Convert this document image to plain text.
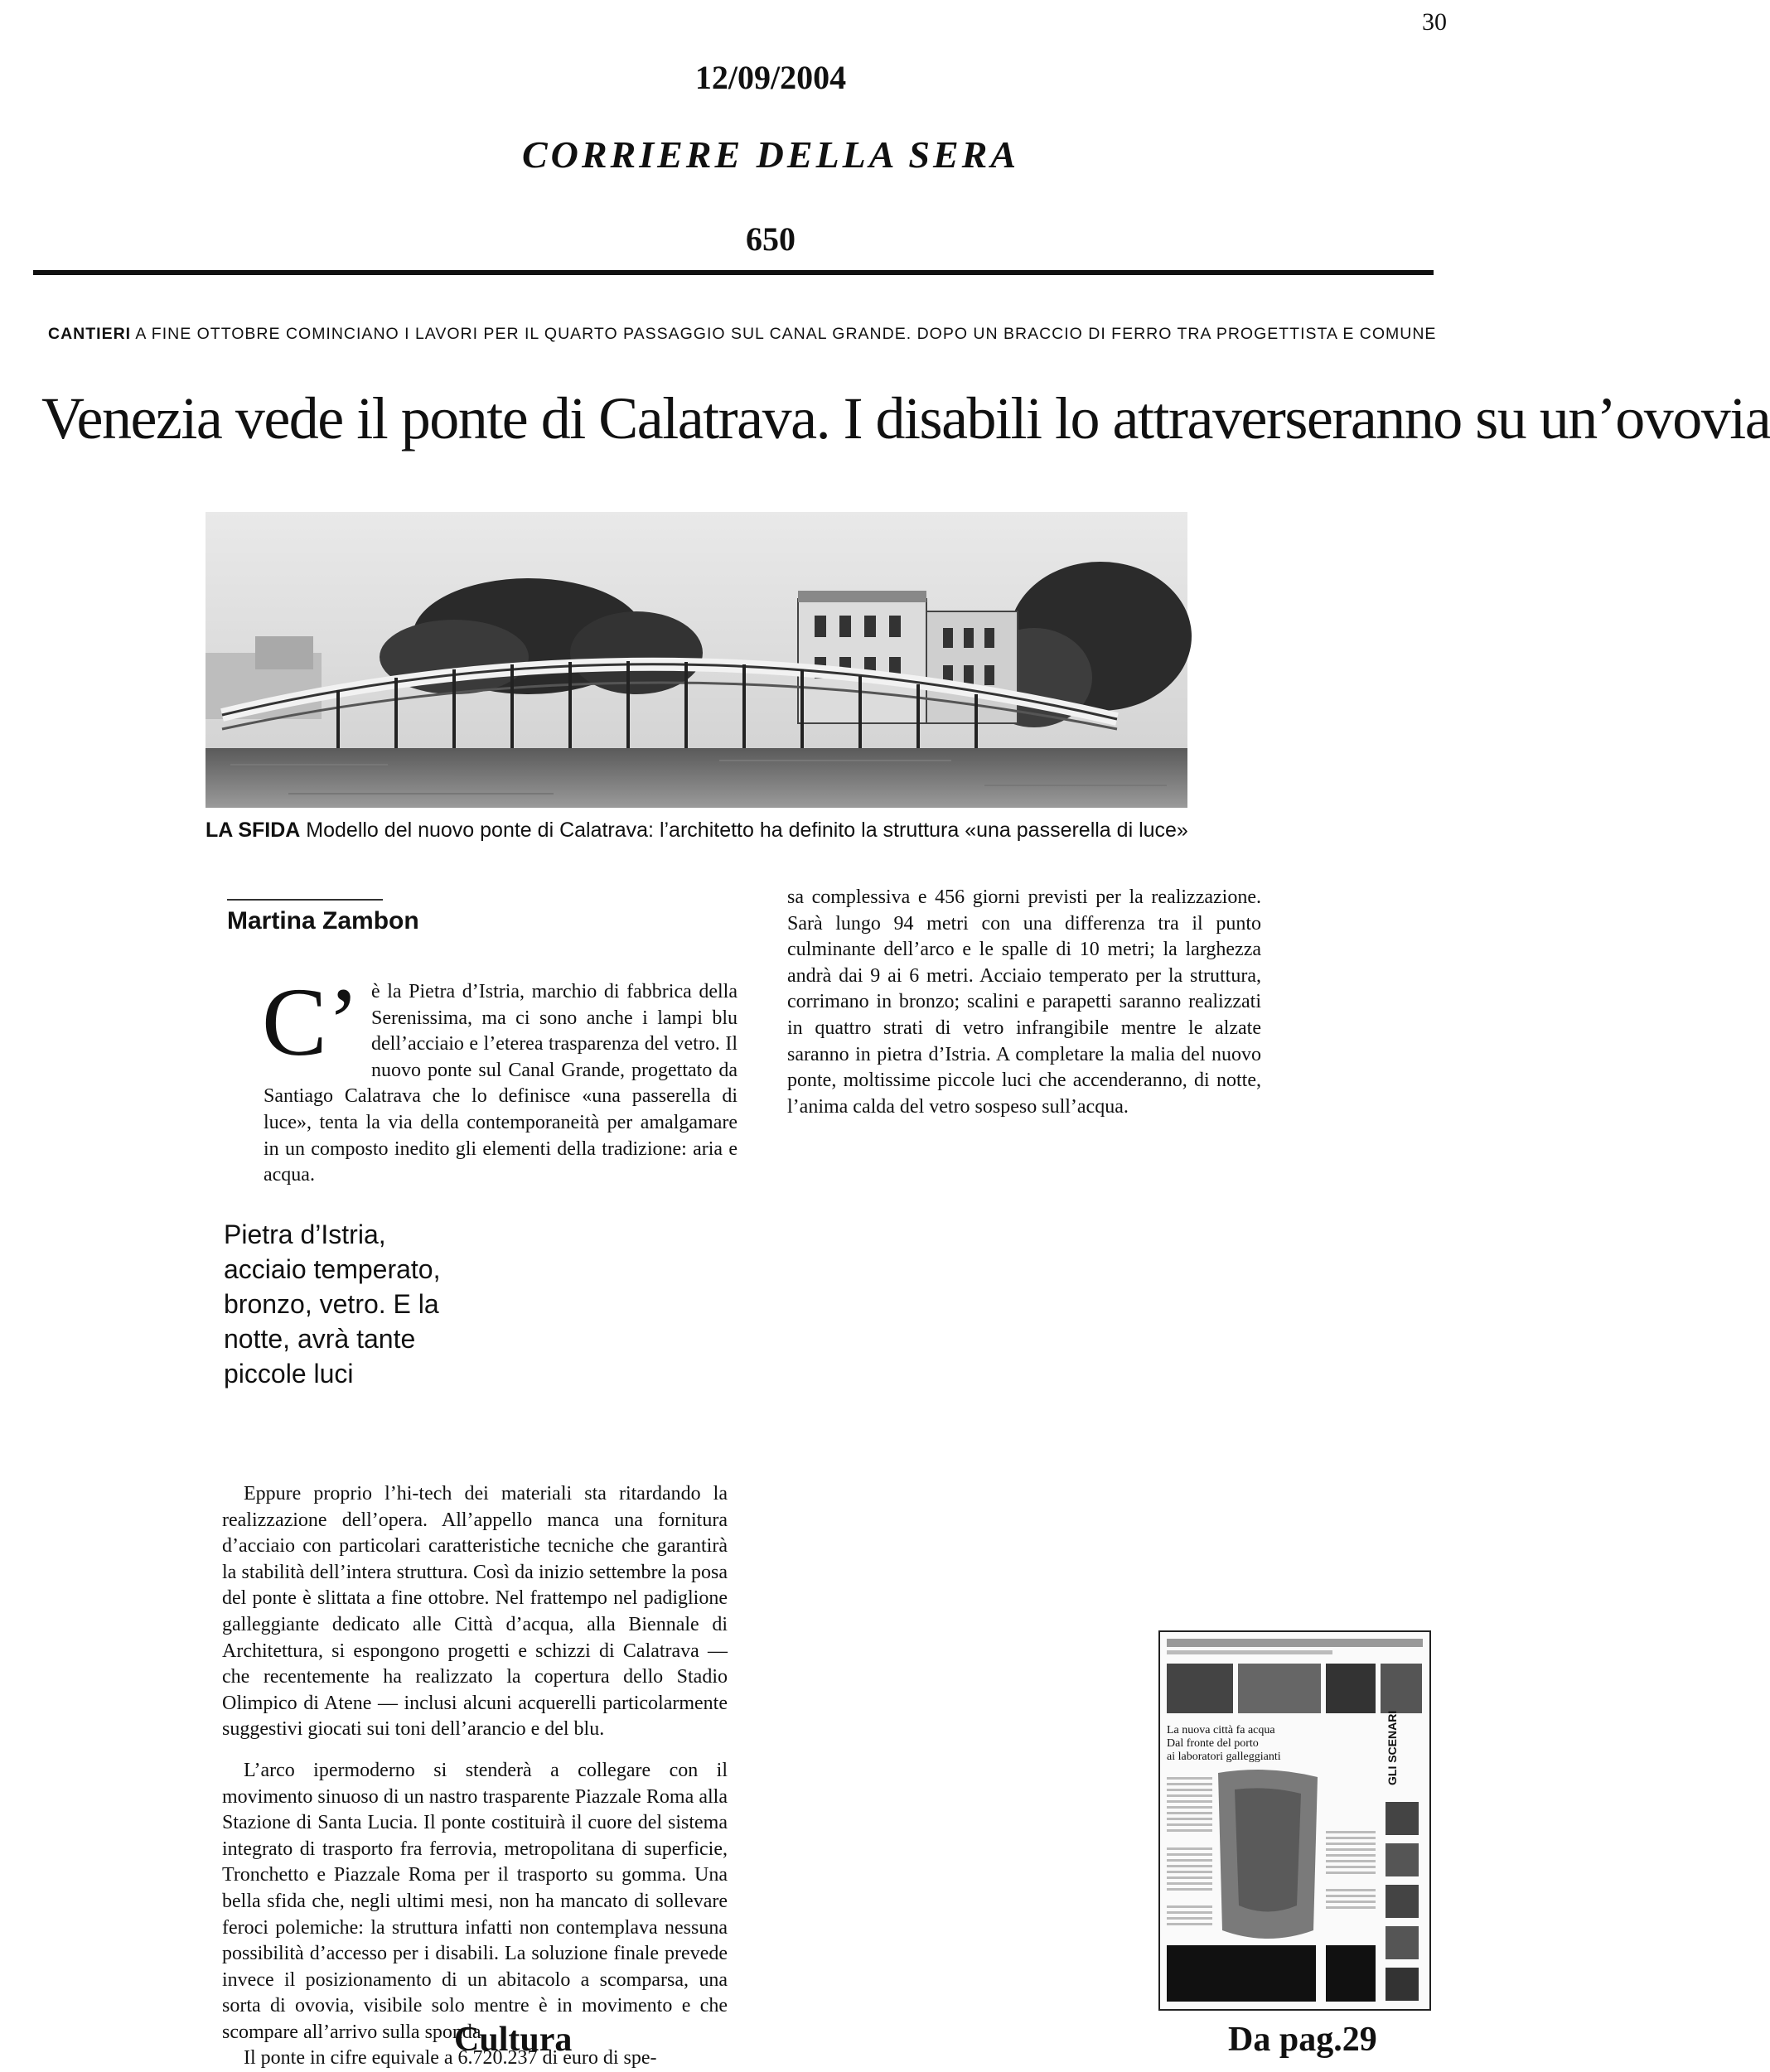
30
12/09/2004
CORRIERE DELLA SERA
650
CANTIERI A FINE OTTOBRE COMINCIANO I LAVORI PER IL QUARTO PASSAGGIO SUL CANAL GRANDE. DOPO UN BRACCIO DI FERRO TRA PROGETTISTA E COMUNE
Venezia vede il ponte di Calatrava. I disabili lo attraverseranno su un’ovovia
LA SFIDA Modello del nuovo ponte di Calatrava: l’architetto ha definito la struttura «una passerella di luce»
Martina Zambon
C’ è la Pietra d’Istria, marchio di fabbrica della Serenissima, ma ci sono anche i lampi blu dell’acciaio e l’eterea trasparenza del vetro. Il nuovo ponte sul Canal Grande, progettato da Santiago Calatrava che lo definisce «una passerella di luce», tenta la via della contemporaneità per amalgamare in un composto inedito gli elementi della tradizione: aria e acqua.

Pietra d’Istria, acciaio temperato, bronzo, vetro. E la notte, avrà tante piccole luci

Eppure proprio l’hi-tech dei materiali sta ritardando la realizzazione dell’opera. All’appello manca una fornitura d’acciaio con particolari caratteristiche tecniche che garantirà la stabilità dell’intera struttura. Così da inizio settembre la posa del ponte è slittata a fine ottobre. Nel frattempo nel padiglione galleggiante dedicato alle Città d’acqua, alla Biennale di Architettura, si espongono progetti e schizzi di Calatrava — che recentemente ha realizzato la copertura dello Stadio Olimpico di Atene — inclusi alcuni acquerelli particolarmente suggestivi giocati sui toni dell’arancio e del blu.

L’arco ipermoderno si stenderà a collegare con il movimento sinuoso di un nastro trasparente Piazzale Roma alla Stazione di Santa Lucia. Il ponte costituirà il cuore del sistema integrato di trasporto fra ferrovia, metropolitana di superficie, Tronchetto e Piazzale Roma per il trasporto su gomma. Una bella sfida che, negli ultimi mesi, non ha mancato di sollevare feroci polemiche: la struttura infatti non contemplava nessuna possibilità d’accesso per i disabili. La soluzione finale prevede invece il posizionamento di un abitacolo a scomparsa, una sorta di ovovia, visibile solo mentre è in movimento e che scompare all’arrivo sulla sponda.

Il ponte in cifre equivale a 6.720.237 di euro di spe-

sa complessiva e 456 giorni previsti per la realizzazione. Sarà lungo 94 metri con una differenza tra il punto culminante dell’arco e le spalle di 10 metri; la larghezza andrà dai 9 ai 6 metri. Acciaio temperato per la struttura, corrimano in bronzo; scalini e parapetti saranno realizzati in quattro strati di vetro infrangibile mentre le alzate saranno in pietra d’Istria. A completare la malia del nuovo ponte, moltissime piccole luci che accenderanno, di notte, l’anima calda del vetro sospeso sull’acqua.

La nuova città fa acqua Dal fronte del porto ai laboratori galleggianti	GLI SCENARI
Cultura	Da pag.29
